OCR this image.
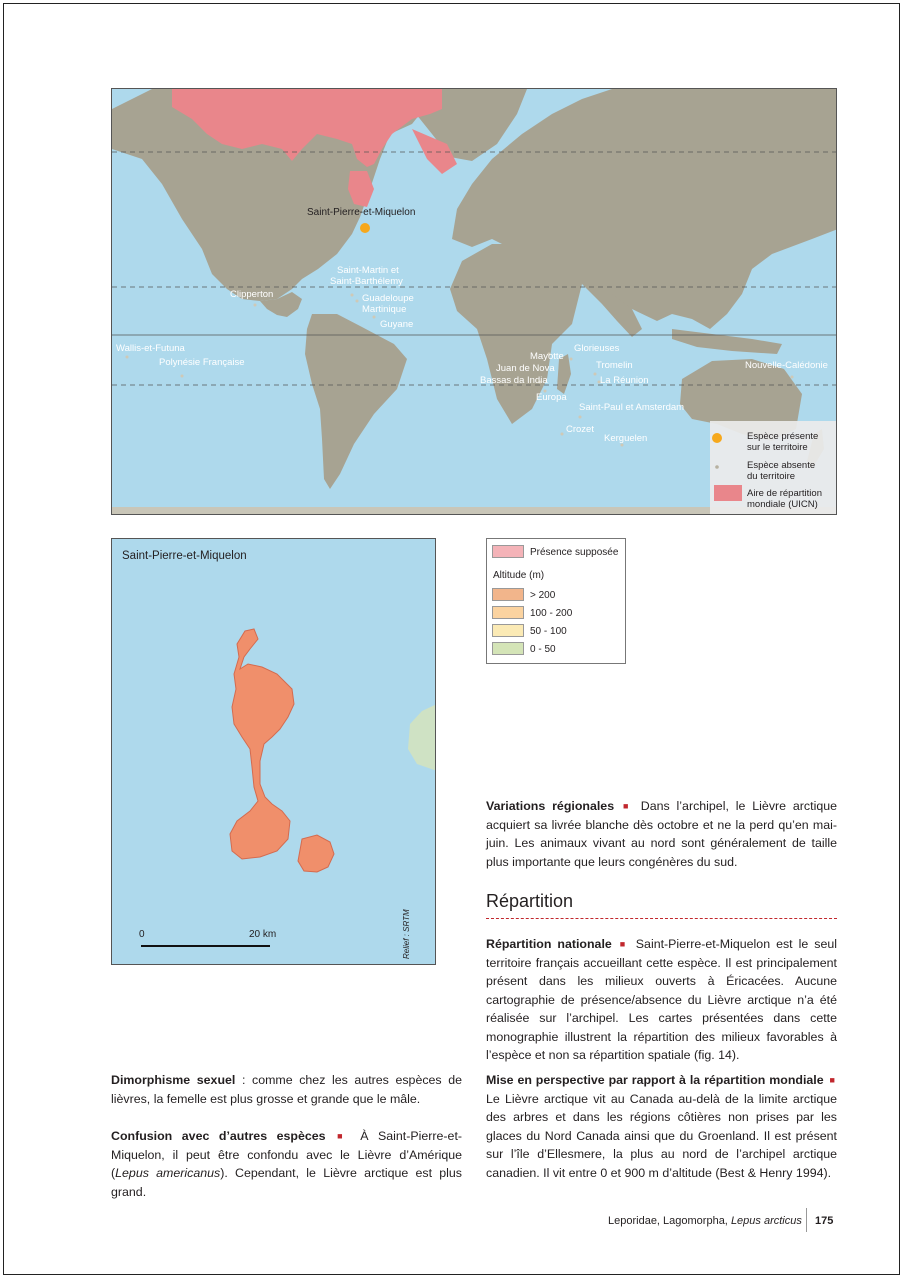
Saint-Pierre-et-Miquelon
Saint-Martin et
Saint-Barthélemy
Guadeloupe
Martinique
Guyane
Clipperton
Wallis-et-Futuna
Polynésie Française
Mayotte
Glorieuses
Juan de Nova	Tromelin
Bassas da India	La Réunion
Europa
Nouvelle-Calédonie
Saint-Paul et Amsterdam
Crozet
Kerguelen	Espèce présente
sur le territoire
Espèce absente
du territoire
Aire de répartition
mondiale (UICN)
Saint-Pierre-et-Miquelon
0	20 km	Relief : SRTM
Présence supposée
Altitude (m)
> 200
100 - 200
50 - 100
0 - 50

Variations régionales ■ Dans l’archipel, le Lièvre arctique acquiert sa livrée blanche dès octobre et ne la perd qu’en mai-juin. Les animaux vivant au nord sont généralement de taille plus importante que leurs congénères du sud.

Répartition

Répartition nationale ■ Saint-Pierre-et-Miquelon est le seul territoire français accueillant cette espèce. Il est principalement présent dans les milieux ouverts à Éricacées. Aucune cartographie de présence/absence du Lièvre arctique n’a été réalisée sur l’archipel. Les cartes présentées dans cette monographie illustrent la répartition des milieux favorables à l’espèce et non sa répartition spatiale (fig. 14).

Mise en perspective par rapport à la répartition mondiale ■ Le Lièvre arctique vit au Canada au-delà de la limite arctique des arbres et dans les régions côtières non prises par les glaces du Nord Canada ainsi que du Groenland. Il est présent sur l’île d’Ellesmere, la plus au nord de l’archipel arctique canadien. Il vit entre 0 et 900 m d’altitude (Best & Henry 1994).

Dimorphisme sexuel : comme chez les autres espèces de lièvres, la femelle est plus grosse et grande que le mâle.

Confusion avec d’autres espèces ■ À Saint-Pierre-et-Miquelon, il peut être confondu avec le Lièvre d’Amérique (Lepus americanus). Cependant, le Lièvre arctique est plus grand.

Leporidae, Lagomorpha, Lepus arcticus 175
